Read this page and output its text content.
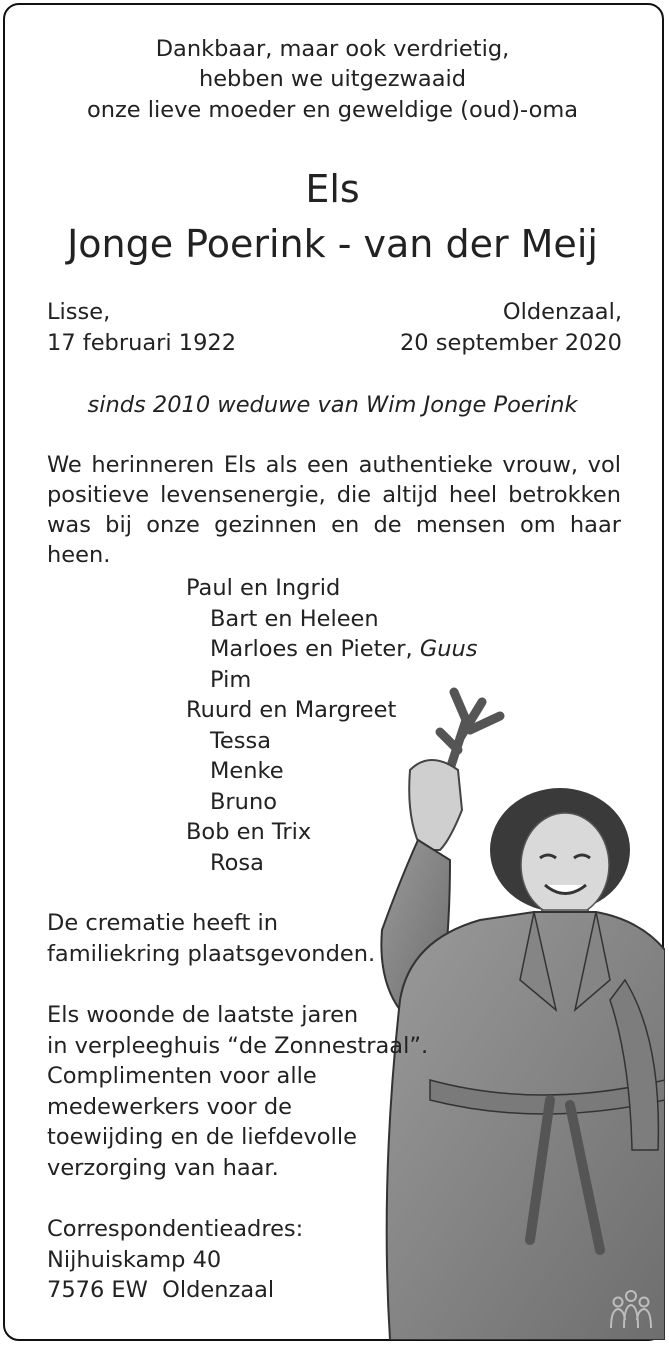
Dankbaar, maar ook verdrietig,
hebben we uitgezwaaid
onze lieve moeder en geweldige (oud)-oma
Els
Jonge Poerink - van der Meij
Lisse,
17 februari 1922
Oldenzaal,
20 september 2020
sinds 2010 weduwe van Wim Jonge Poerink
We herinneren Els als een authentieke vrouw, vol positieve levensenergie, die altijd heel betrokken was bij onze gezinnen en de mensen om haar heen.
Paul en Ingrid
Bart en Heleen
Marloes en Pieter, Guus
Pim
Ruurd en Margreet
Tessa
Menke
Bruno
Bob en Trix
Rosa
De crematie heeft in
familiekring plaatsgevonden.
Els woonde de laatste jaren
in verpleeghuis “de Zonnestraal”.
Complimenten voor alle
medewerkers voor de
toewijding en de liefdevolle
verzorging van haar.
Correspondentieadres:
Nijhuiskamp 40
7576 EW  Oldenzaal
